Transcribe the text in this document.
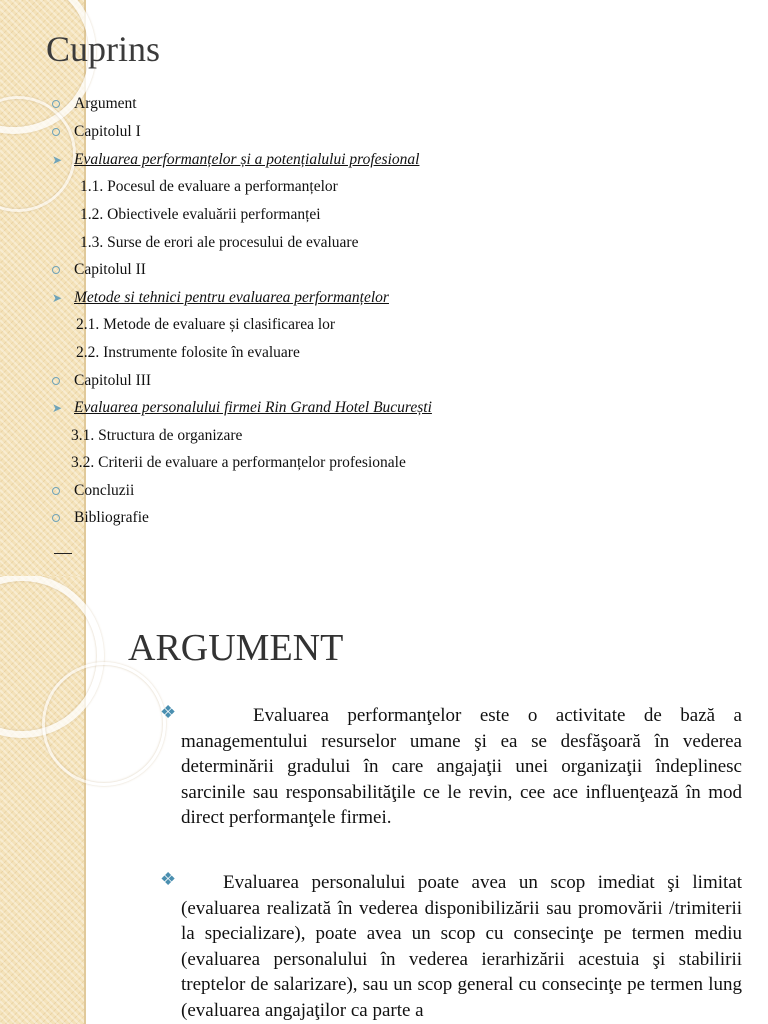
Cuprins
Argument
Capitolul I
➤ Evaluarea performanțelor și a potențialului profesional
1.1. Pocesul de evaluare a performanțelor
1.2. Obiectivele evaluării performanței
1.3. Surse de erori ale procesului de evaluare
Capitolul II
➤ Metode si tehnici pentru evaluarea performanțelor
2.1. Metode de evaluare și clasificarea lor
2.2. Instrumente folosite în evaluare
Capitolul III
➤ Evaluarea personalului firmei Rin Grand Hotel București
3.1. Structura de organizare
3.2. Criterii de evaluare a performanțelor profesionale
Concluzii
Bibliografie
ARGUMENT
❖	Evaluarea performanţelor este o activitate de bază a managementului resurselor umane şi ea se desfăşoară în vederea determinării gradului în care angajaţii unei organizaţii îndeplinesc sarcinile sau responsabilităţile ce le revin, cee ace influenţează în mod direct performanţele firmei.

❖	Evaluarea personalului poate avea un scop imediat şi limitat (evaluarea realizată în vederea disponibilizării sau promovării /trimiterii la specializare), poate avea un scop cu consecinţe pe termen mediu (evaluarea personalului în vederea ierarhizării acestuia şi stabilirii treptelor de salarizare), sau un scop general cu consecinţe pe termen lung (evaluarea angajaţilor ca parte a
